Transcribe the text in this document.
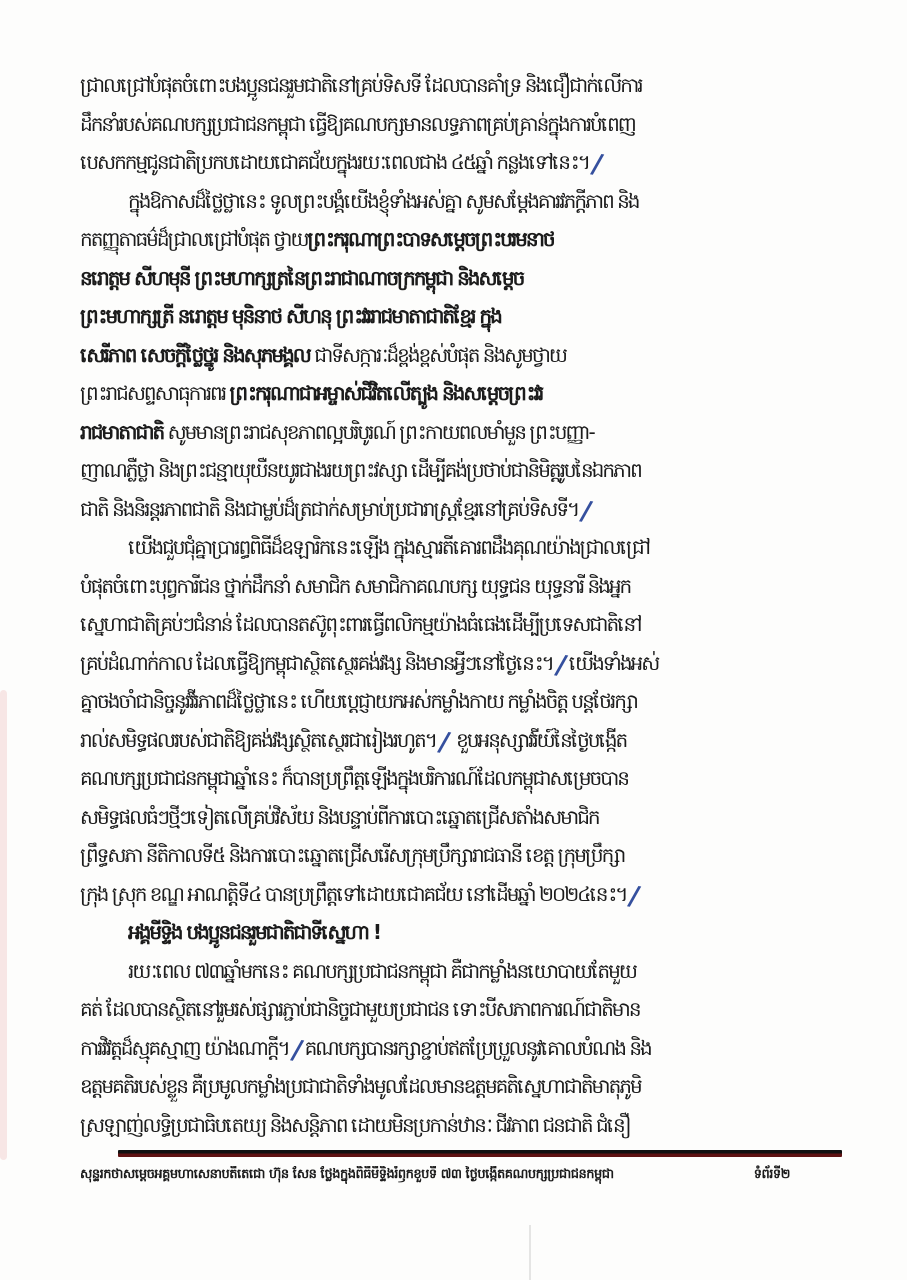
ជ្រាលជ្រៅបំផុតចំពោះបងប្អូនជនរួមជាតិនៅគ្រប់ទិសទី ដែលបានគាំទ្រ និងជឿជាក់លើការ
ដឹកនាំរបស់គណបក្សប្រជាជនកម្ពុជា ធ្វើឱ្យគណបក្សមានលទ្ធភាពគ្រប់គ្រាន់ក្នុងការបំពេញ
បេសកកម្មជូនជាតិប្រកបដោយជោគជ័យក្នុងរយៈពេលជាង ៤៥ឆ្នាំ កន្លងទៅនេះ។/
ក្នុងឱកាសដ៏ថ្លៃថ្លានេះ ទូលព្រះបង្គំយើងខ្ញុំទាំងអស់គ្នា សូមសម្ដែងគារវភក្ដីភាព និង
កតញ្ញុតាធម៌ដ៏ជ្រាលជ្រៅបំផុត ថ្វាយព្រះករុណាព្រះបាទសម្ដេចព្រះបរមនាថ
នរោត្ដម សីហមុនី ព្រះមហាក្សត្រនៃព្រះរាជាណាចក្រកម្ពុជា និងសម្ដេច
ព្រះមហាក្សត្រី នរោត្ដម មុនិនាថ សីហនុ ព្រះវររាជមាតាជាតិខ្មែរ ក្នុង
សេរីភាព សេចក្ដីថ្លៃថ្នូរ និងសុភមង្គល ជាទីសក្ការៈដ៏ខ្ពង់ខ្ពស់បំផុត និងសូមថ្វាយ
ព្រះរាជសព្ទសាធុការពរ ព្រះករុណាជាអម្ចាស់ជីវិតលើត្បូង និងសម្ដេចព្រះវរ
រាជមាតាជាតិ សូមមានព្រះរាជសុខភាពល្អបរិបូរណ៍ ព្រះកាយពលមាំមួន ព្រះបញ្ញា-
ញាណភ្លឺថ្លា និងព្រះជន្មាយុយឺនយូរជាងរយព្រះវស្សា ដើម្បីគង់ប្រថាប់ជានិមិត្តរូបនៃឯកភាព
ជាតិ និងនិរន្តរភាពជាតិ និងជាម្លប់ដ៏ត្រជាក់សម្រាប់ប្រជារាស្ត្រខ្មែរនៅគ្រប់ទិសទី។/
យើងជួបជុំគ្នាប្រារព្ធពិធីដ៏ឧឡារិកនេះឡើង ក្នុងស្មារតីគោរពដឹងគុណយ៉ាងជ្រាលជ្រៅ
បំផុតចំពោះបុព្វការីជន ថ្នាក់ដឹកនាំ សមាជិក សមាជិកាគណបក្ស យុទ្ធជន យុទ្ធនារី និងអ្នក
ស្នេហាជាតិគ្រប់ៗជំនាន់ ដែលបានតស៊ូពុះពារធ្វើពលិកម្មយ៉ាងធំធេងដើម្បីប្រទេសជាតិនៅ
គ្រប់ដំណាក់កាល ដែលធ្វើឱ្យកម្ពុជាស្ថិតស្ថេរគង់វង្ស និងមានអ្វីៗនៅថ្ងៃនេះ។/យើងទាំងអស់
គ្នាចងចាំជានិច្ចនូវវីរភាពដ៏ថ្លៃថ្លានេះ ហើយប្ដេជ្ញាយកអស់កម្លាំងកាយ កម្លាំងចិត្ត បន្តថែរក្សា
រាល់សមិទ្ធផលរបស់ជាតិឱ្យគង់វង្សស្ថិតស្ថេរជារៀងរហូត។/ ខួបអនុស្សាវរីយ៍នៃថ្ងៃបង្កើត
គណបក្សប្រជាជនកម្ពុជាឆ្នាំនេះ ក៏បានប្រព្រឹត្តឡើងក្នុងបរិការណ៍ដែលកម្ពុជាសម្រេចបាន
សមិទ្ធផលធំៗថ្មីៗទៀតលើគ្រប់វិស័យ និងបន្ទាប់ពីការបោះឆ្នោតជ្រើសតាំងសមាជិក
ព្រឹទ្ធសភា នីតិកាលទី៥ និងការបោះឆ្នោតជ្រើសរើសក្រុមប្រឹក្សារាជធានី ខេត្ត ក្រុមប្រឹក្សា
ក្រុង ស្រុក ខណ្ឌ អាណត្តិទី៤ បានប្រព្រឹត្តទៅដោយជោគជ័យ នៅដើមឆ្នាំ ២០២៤នេះ។/
អង្គមីទ្ទិង បងប្អូនជនរួមជាតិជាទីស្នេហា !
រយៈពេល ៧៣ឆ្នាំមកនេះ គណបក្សប្រជាជនកម្ពុជា គឺជាកម្លាំងនយោបាយតែមួយ
គត់ ដែលបានស្ថិតនៅរួមរស់ផ្សារភ្ជាប់ជានិច្ចជាមួយប្រជាជន ទោះបីសភាពការណ៍ជាតិមាន
ការវិវត្តដ៏ស្មុគស្មាញ យ៉ាងណាក្ដី។/គណបក្សបានរក្សាខ្ជាប់ឥតប្រែប្រួលនូវគោលបំណង និង
ឧត្តមគតិរបស់ខ្លួន គឺប្រមូលកម្លាំងប្រជាជាតិទាំងមូលដែលមានឧត្តមគតិស្នេហាជាតិមាតុភូមិ
ស្រឡាញ់លទ្ធិប្រជាធិបតេយ្យ និងសន្តិភាព ដោយមិនប្រកាន់ឋានៈ ជីវភាព ជនជាតិ ជំនឿ
សុន្ទរកថាសម្ដេចអគ្គមហាសេនាបតីតេជោ ហ៊ុន សែន ថ្លែងក្នុងពិធីមីទ្ទិងរំឭកខួបទី ៧៣ ថ្ងៃបង្កើតគណបក្សប្រជាជនកម្ពុជា	ទំព័រទី២
